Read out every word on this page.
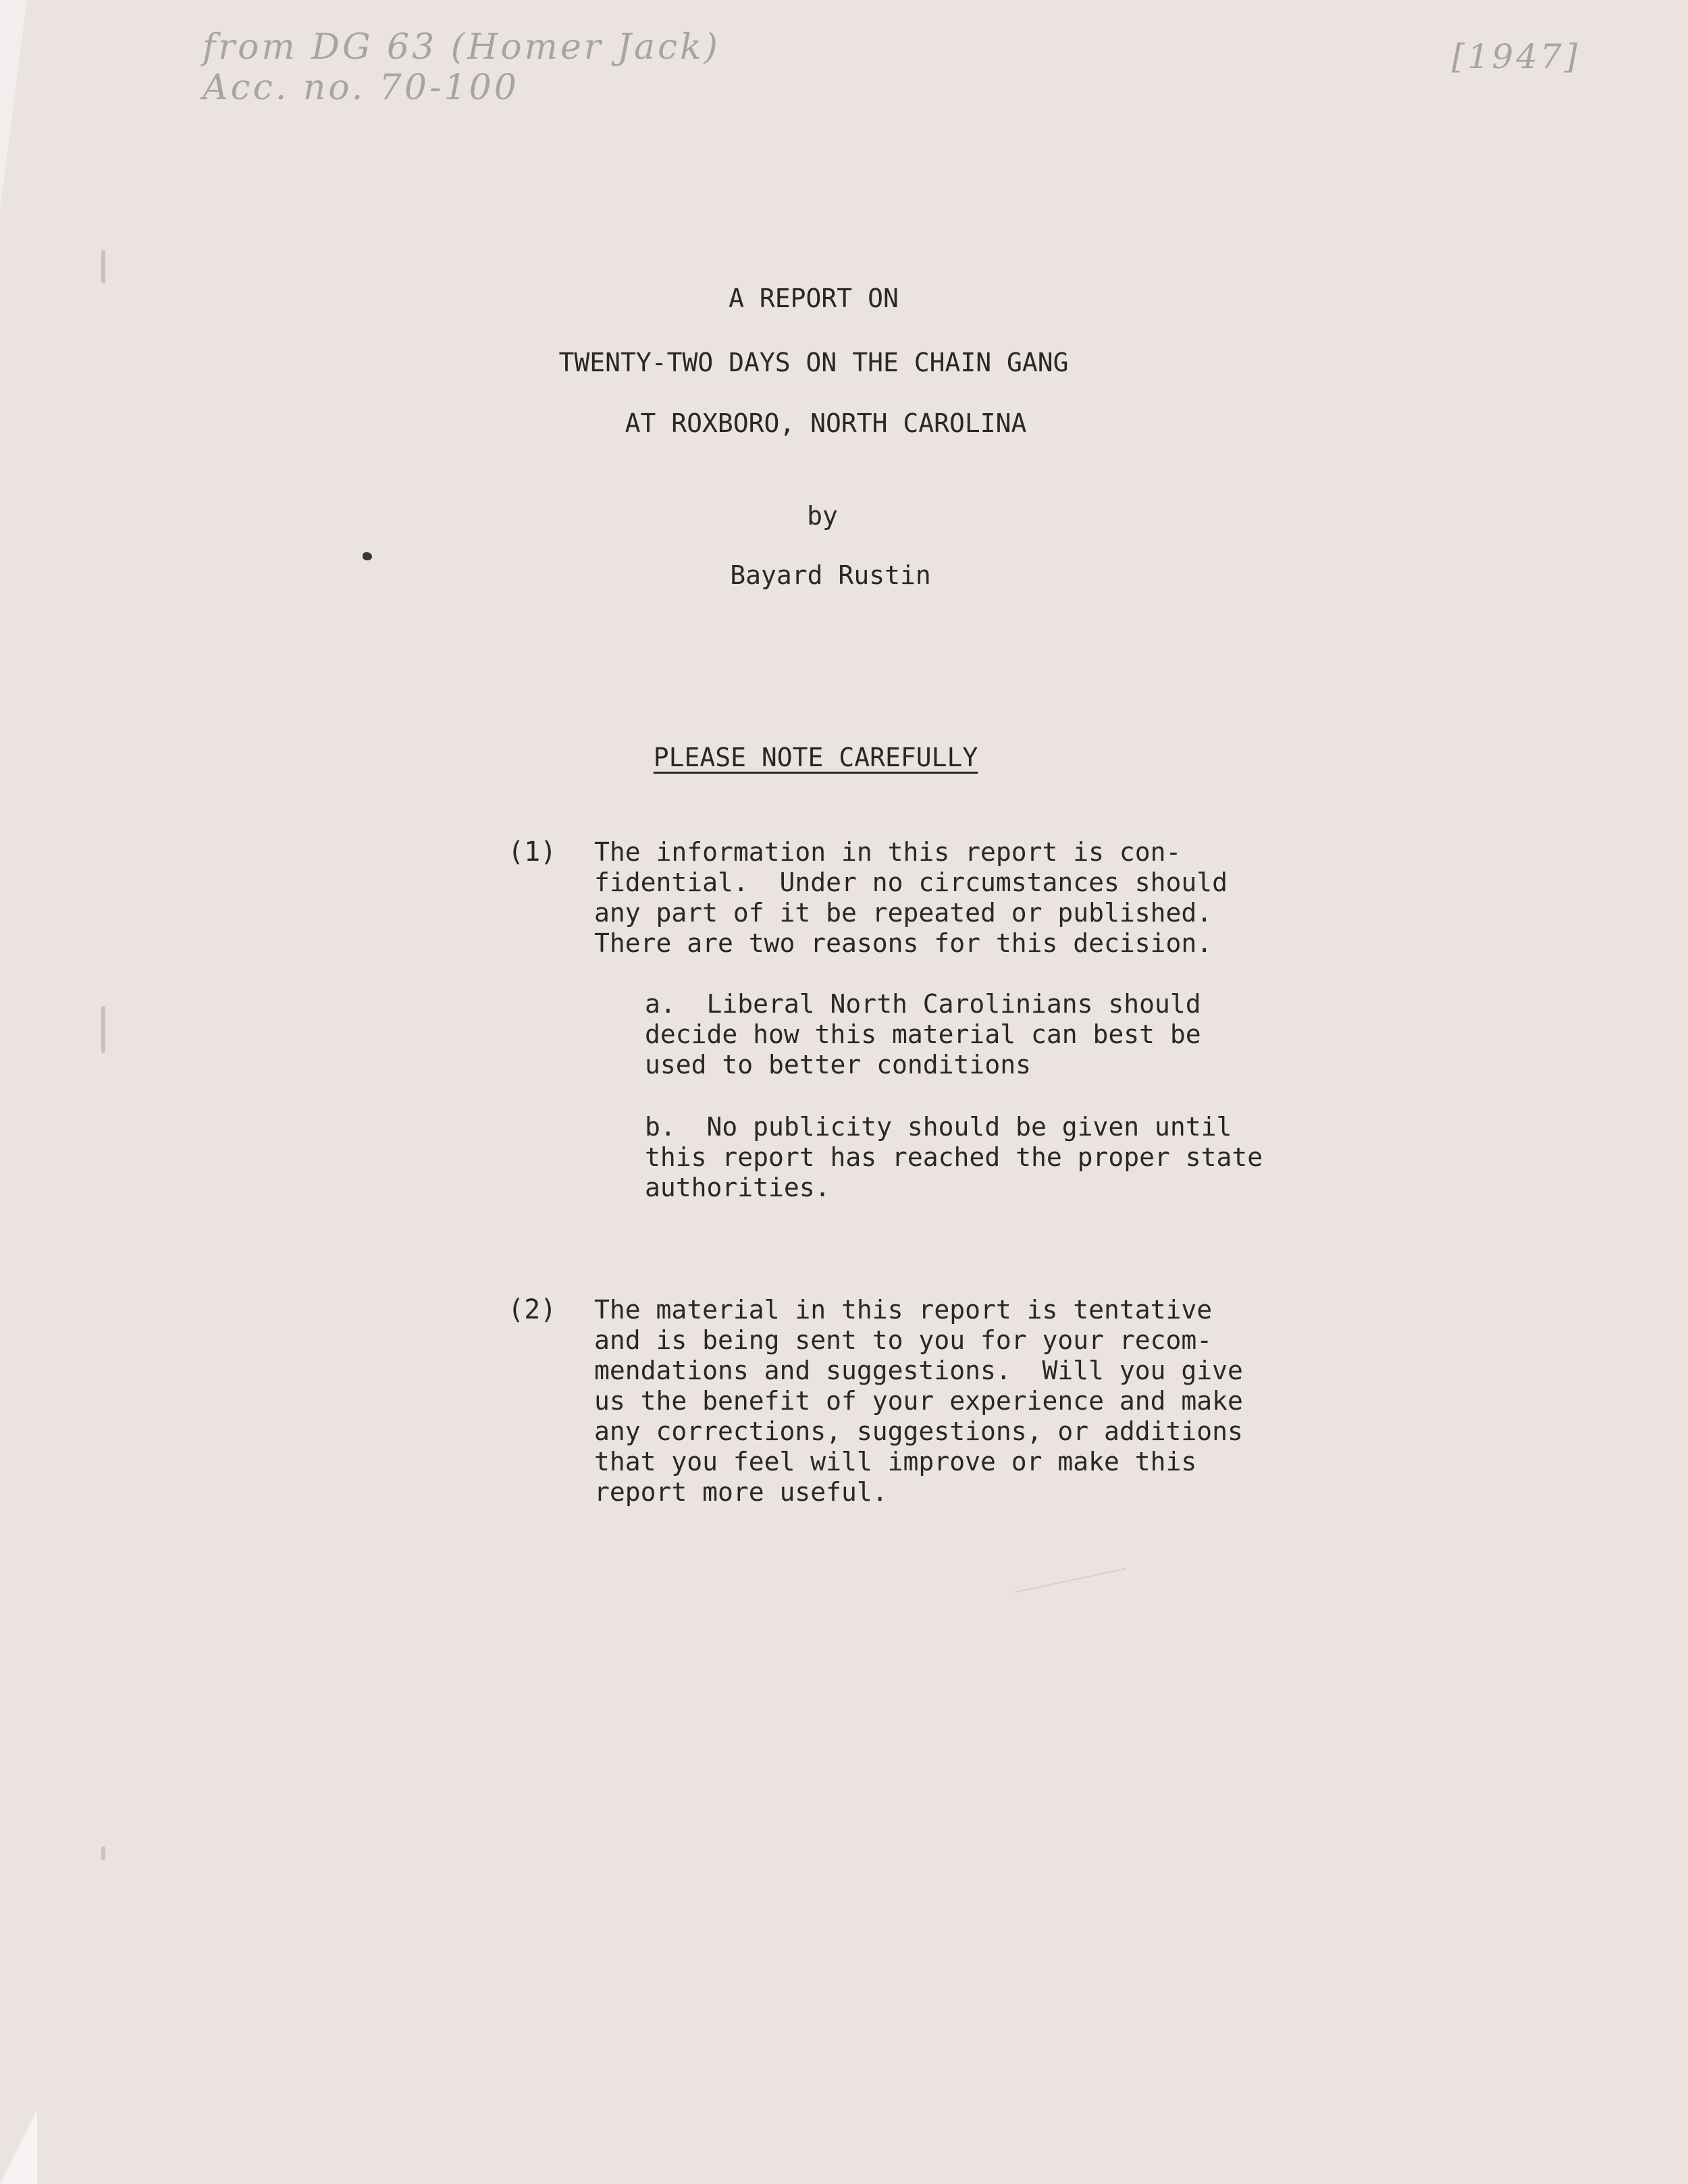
from DG 63 (Homer Jack)
Acc. no. 70-100
[1947]
A REPORT ON
TWENTY-TWO DAYS ON THE CHAIN GANG
AT ROXBORO, NORTH CAROLINA
by
Bayard Rustin
PLEASE NOTE CAREFULLY
(1) The information in this report is con-
fidential.  Under no circumstances should
any part of it be repeated or published.
There are two reasons for this decision.
a.  Liberal North Carolinians should
decide how this material can best be
used to better conditions
b.  No publicity should be given until
this report has reached the proper state
authorities.
(2) The material in this report is tentative
and is being sent to you for your recom-
mendations and suggestions.  Will you give
us the benefit of your experience and make
any corrections, suggestions, or additions
that you feel will improve or make this
report more useful.
